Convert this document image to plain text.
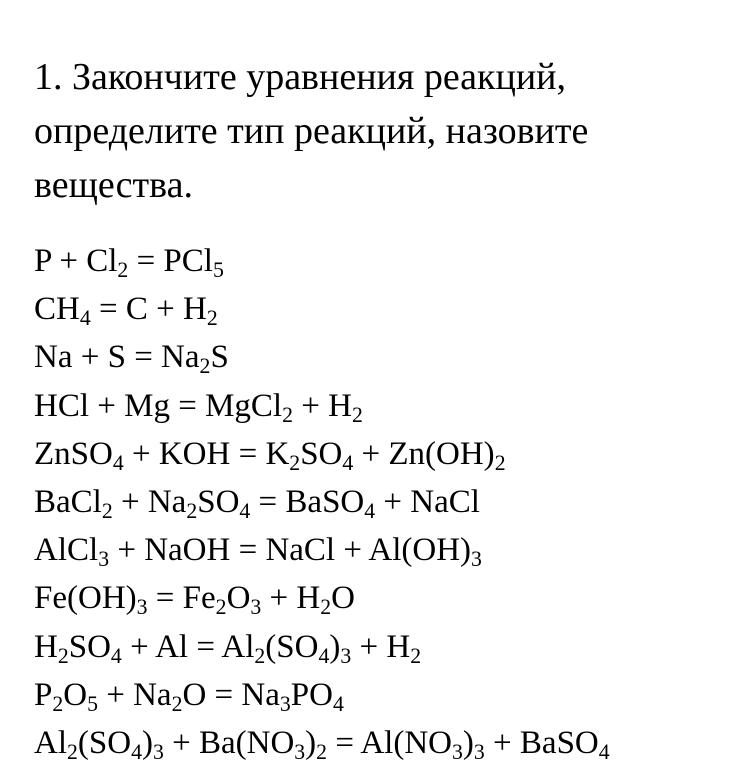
1. Закончите уравнения реакций, определите тип реакций, назовите вещества.

$P + Cl_2 = PCl_5$
$CH_4 = C + H_2$
$Na + S = Na_2S$
HCl + Mg = MgCl$_2$ + $H_2$
ZnSO$_4$ + KOH = $K_2SO_4 + Zn(OH)_2$
BaCl$_2$ + $Na_2SO_4$ = BaSO$_4$ + NaCl
AlCl$_3$ + NaOH = NaCl + $Al(OH)_3$
$Fe(OH)_3 = Fe_2O_3 + H_2O$
$H_2SO_4 + Al = Al_2(SO_4)_3 + H_2$
$P_2O_5 + Na_2O = Na_3PO_4$
$Al_2(SO_4)_3 + Ba(NO_3)_2 = Al(NO_3)_3$ + BaSO$_4$
